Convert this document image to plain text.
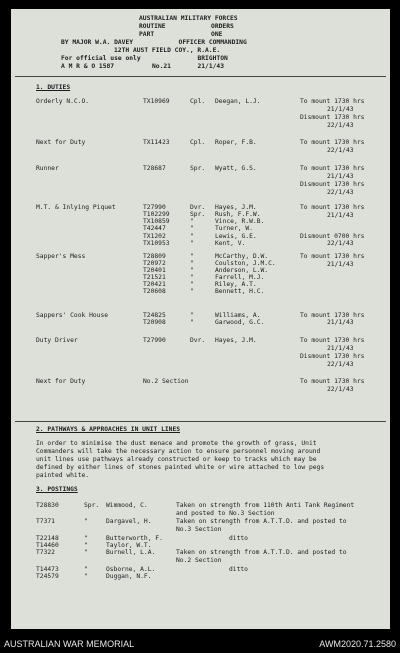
AUSTRALIAN MILITARY FORCES
ROUTINE            ORDERS
PART               ONE
BY MAJOR W.A. DAVEY            OFFICER COMMANDING
12TH AUST FIELD COY., R.A.E.
For official use only               BRIGHTON
A M R & O 1587          No.21       21/1/43
1. DUTIES
Orderly N.C.O.	TX10969	Cpl. Deegan, L.J.	To mount 1730 hrs
21/1/43
Dismount 1730 hrs
22/1/43
Next for Duty	TX11423	Cpl. Roper, F.B.	To mount 1730 hrs
22/1/43
Runner	T28687	Spr. Wyatt, G.S.	To mount 1730 hrs
21/1/43
Dismount 1730 hrs
22/1/43
M.T. & Inlying Piquet	T27990	Dvr. Hayes, J.M.	To mount 1730 hrs
21/1/43
T102299	Spr. Rush, F.F.W.
TX10859	"	Vince, R.W.B.
T42447	"	Turner, W.
TX1202	"	Lewis, G.E.	Dismount 0700 hrs
TX10953	"	Kent, V.	22/1/43
Sapper's Mess	T28809	"	McCarthy, D.W.	To mount 1730 hrs
21/1/43
T20972	"	Coulston, J.M.C.
T20401	"	Anderson, L.W.
T21521	"	Farrell, M.J.
T20421	"	Riley, A.T.
T20608	"	Bennett, H.C.
Sappers' Cook House	T24825	"	Williams, A.	To mount 1730 hrs
T20908	"	Garwood, G.C.	21/1/43
Duty Driver	T27990	Dvr. Hayes, J.M.	To mount 1730 hrs
21/1/43
Dismount 1730 hrs
22/1/43
Next for Duty	No.2 Section	To mount 1730 hrs
22/1/43
2. PATHWAYS & APPROACHES IN UNIT LINES
In order to minimise the dust menace and promote the growth of grass, Unit
Commanders will take the necessary action to ensure personnel moving around
unit lines use pathways already constructed or keep to tracks which may be
defined by either lines of stones painted white or wire attached to low pegs
painted white.
3. POSTINGS
T28830	Spr. Wimmood, C.	Taken on strength from 110th Anti Tank Regiment
and posted to No.3 Section
T7371	"	Dargavel, H.	Taken on strength from A.T.T.D. and posted to
No.3 Section
T22148	"	Butterworth, F.	ditto
T14460	"	Taylor, W.T.
T7322	"	Burnell, L.A.	Taken on strength from A.T.T.D. and posted to
No.2 Section
T14473	"	Osborne, A.L.	ditto
T24579	"	Duggan, N.F.
AUSTRALIAN WAR MEMORIAL	AWM2020.71.2580
